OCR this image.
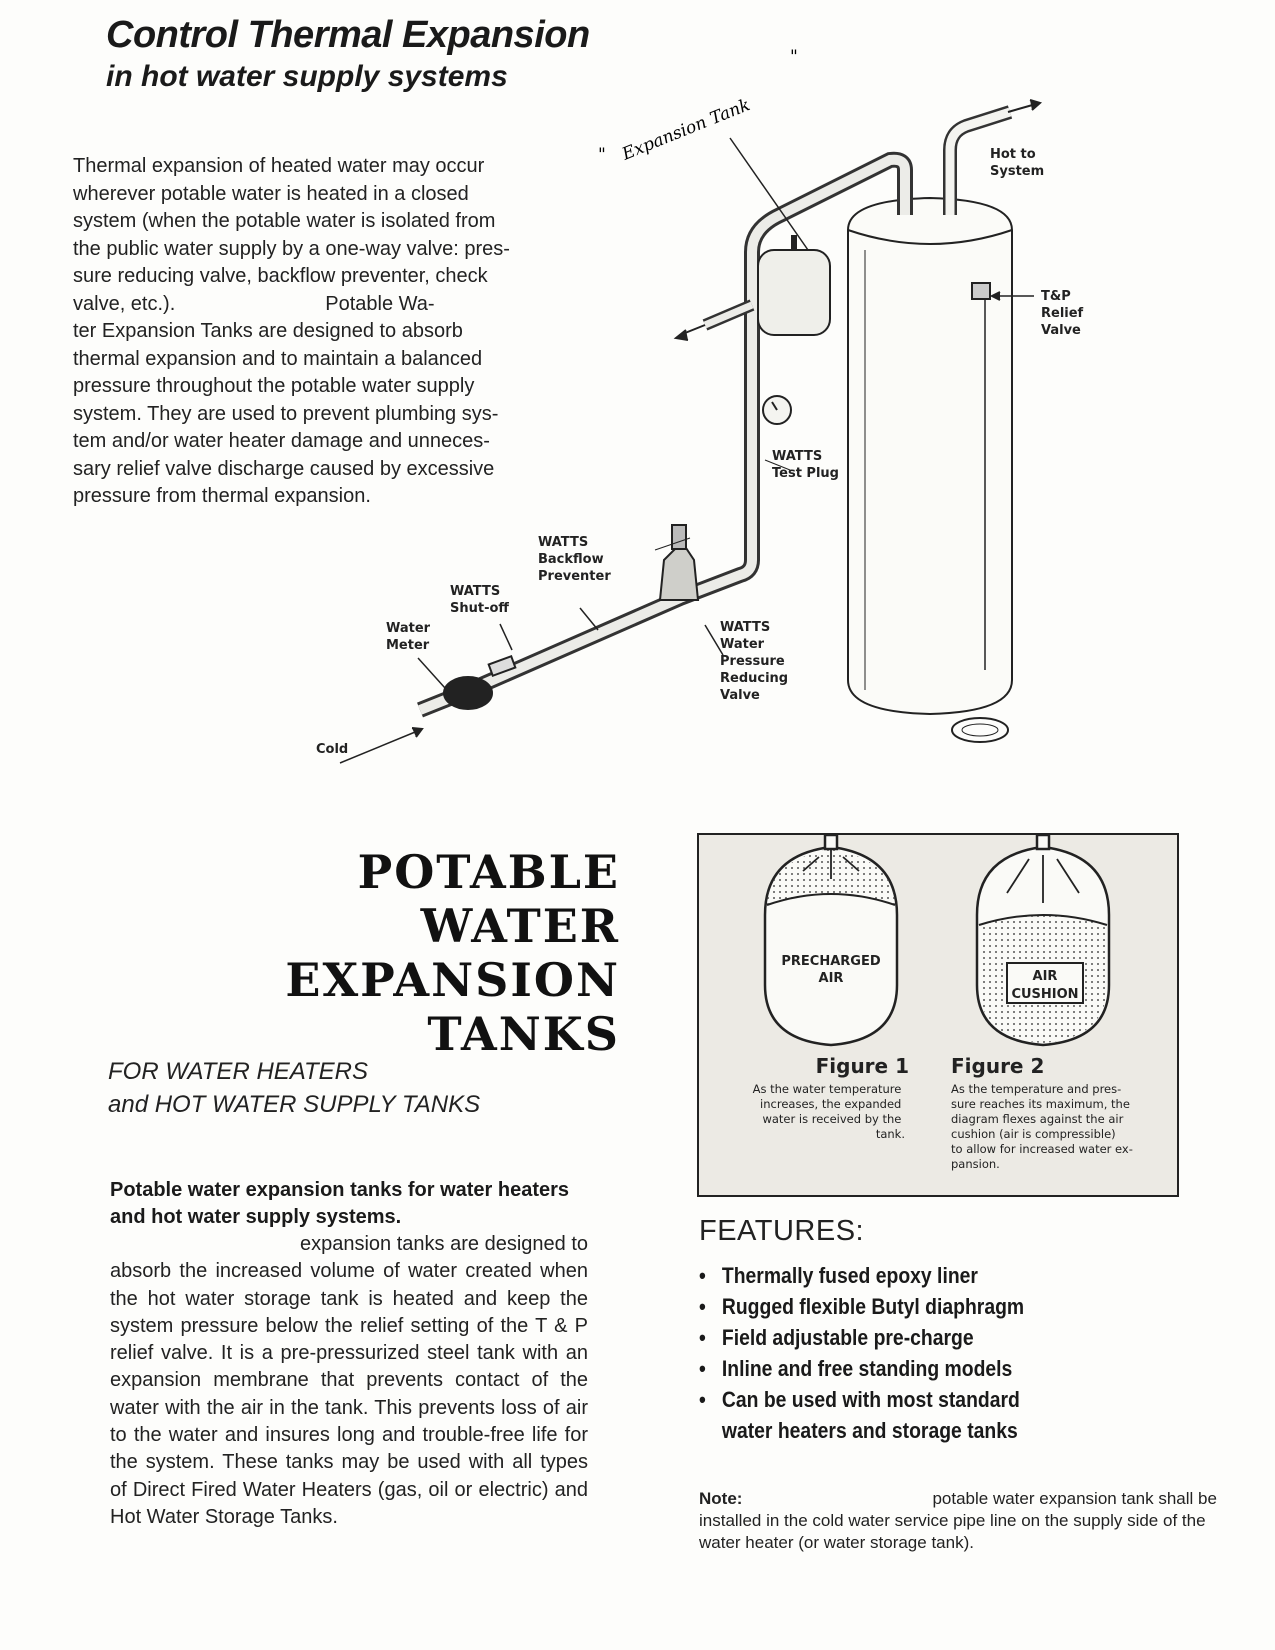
Control Thermal Expansion
in hot water supply systems
Thermal expansion of heated water may occur
wherever potable water is heated in a closed
system (when the potable water is isolated from
the public water supply by a one-way valve: pres-
sure reducing valve, backflow preventer, check
valve, etc.).                           Potable Wa-
ter Expansion Tanks are designed to absorb
thermal expansion and to maintain a balanced
pressure throughout the potable water supply
system. They are used to prevent plumbing sys-
tem and/or water heater damage and unneces-
sary relief valve discharge caused by excessive
pressure from thermal expansion.
" Expansion Tank
"
Hot to System
T&P Relief Valve
WATTS Test Plug
WATTS Backflow Preventer
WATTS Shut-off
Water Meter
WATTS Water Pressure Reducing Valve
Cold
POTABLE
WATER
EXPANSION
TANKS
FOR WATER HEATERS
and HOT WATER SUPPLY TANKS
Potable water expansion tanks for water heaters and hot water supply systems.
expansion tanks are designed to absorb the increased volume of water created when the hot water storage tank is heated and keep the system pressure below the relief setting of the T & P relief valve. It is a pre-pressurized steel tank with an expansion membrane that prevents contact of the water with the air in the tank. This prevents loss of air to the water and insures long and trouble-free life for the system. These tanks may be used with all types of Direct Fired Water Heaters (gas, oil or electric) and Hot Water Storage Tanks.
PRECHARGED AIR	AIR CUSHION
Figure 1 Figure 2
As the water temperature increases, the expanded water is received by the tank.
As the temperature and pres- sure reaches its maximum, the diagram flexes against the air cushion (air is compressible) to allow for increased water ex- pansion.
FEATURES:
• Thermally fused epoxy liner
• Rugged flexible Butyl diaphragm
• Field adjustable pre-charge
• Inline and free standing models
• Can be used with most standard
water heaters and storage tanks
Note:	potable water expansion tank shall be installed in the cold water service pipe line on the supply side of the water heater (or water storage tank).
